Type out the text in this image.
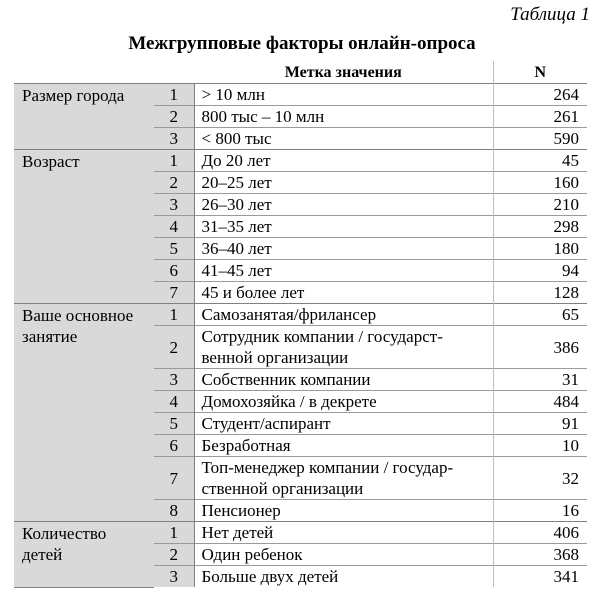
Таблица 1
Межгрупповые факторы онлайн-опроса
		Метка значения	N
Размер города	1	> 10 млн	264
	2	800 тыс – 10 млн	261
	3	< 800 тыс	590
Возраст	1	До 20 лет	45
	2	20–25 лет	160
	3	26–30 лет	210
	4	31–35 лет	298
	5	36–40 лет	180
	6	41–45 лет	94
	7	45 и более лет	128
Ваше основное занятие	1	Самозанятая/фрилансер	65
	2	Сотрудник компании / государст-венной организации	386
	3	Собственник компании	31
	4	Домохозяйка / в декрете	484
	5	Студент/аспирант	91
	6	Безработная	10
	7	Топ-менеджер компании / государ-ственной организации	32
	8	Пенсионер	16
Количество детей	1	Нет детей	406
	2	Один ребенок	368
	3	Больше двух детей	341
